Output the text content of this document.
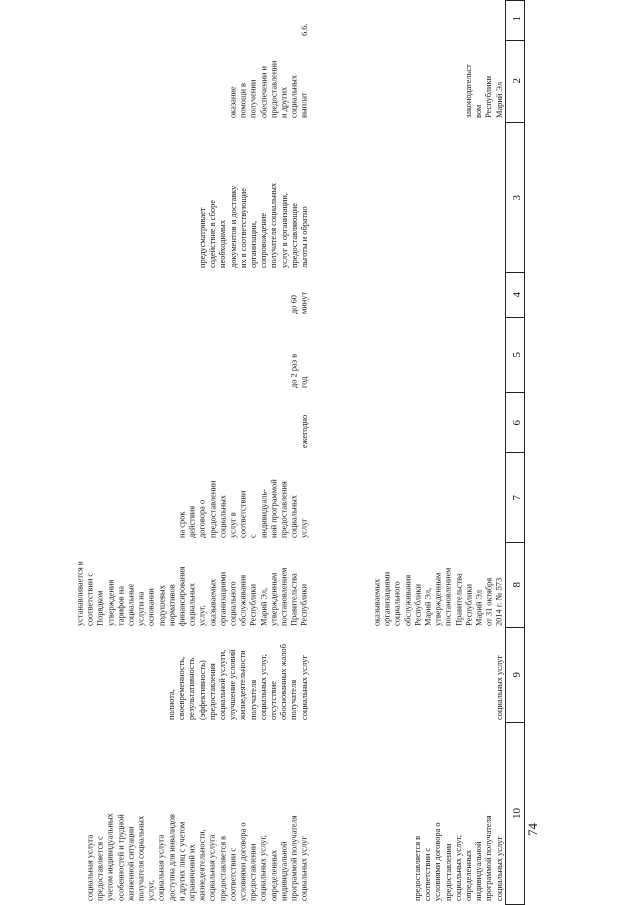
74
1
2
3
4
5
6
7
8
9
10
законодательст
вом
Республики
Марий Эл
оказываемых
организациями
социального
обслуживания
Республики
Марий Эл,
утвержденным
постановлением
Правительства
Республики
Марий Эл
от 31 октября
2014 г. № 573
социальных услуг
предоставляется в
соответствии с
условиями договора о
предоставлении
социальных услуг,
определенных
индивидуальной
программой получателя
социальных услуг
6.6.
оказание
помощи в
получении
обеспечении и
предоставлении
и других
социальных
выплат
предусматривает
содействие в сборе
необходимых
документов и доставку
их в соответствующие
организации,
сопровождение
получателя социальных
услуг в организации,
предоставляющие
льготы и обратно
до 60
минут
до 2 раз в
год
ежегодно
на срок
действия
договора о
предоставлении
социальных
услуг в
соответствии
с
индивидуаль-
ной программой
предоставления
социальных
услуг
устанавливается в
соответствии с
Порядком
утверждения
тарифов на
социальные
услуги на
основании
подушевых
нормативов
финансирования
социальных
услуг,
оказываемых
организациями
социального
обслуживания
Республики
Марий Эл,
утвержденным
постановлением
Правительства
Республики
полнота,
своевременность,
результативность
(эффективность)
предоставления
социальной услуги,
улучшение условий
жизнедеятельности
получателя
социальных услуг,
отсутствие
обоснованных жалоб
получателя
социальных услуг
социальная услуга
предоставляется с
учетом индивидуальных
особенностей и трудной
жизненной ситуации
получателя социальных
услуг,
социальная услуга
доступна для инвалидов
и других лиц с учетом
ограничений их
жизнедеятельности,
социальная услуга
предоставляется в
соответствии с
условиями договора о
предоставлении
социальных услуг,
определенных
индивидуальной
программой получателя
социальных услуг
